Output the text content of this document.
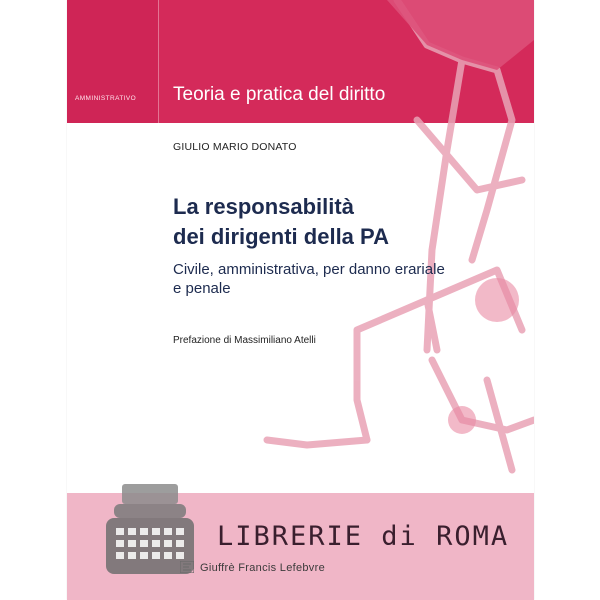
AMMINISTRATIVO Teoria e pratica del diritto
GIULIO MARIO DONATO
La responsabilità
dei dirigenti della PA
Civile, amministrativa, per danno erariale
e penale
Prefazione di Massimiliano Atelli
LIBRERIE di ROMA
Giuffrè Francis Lefebvre
